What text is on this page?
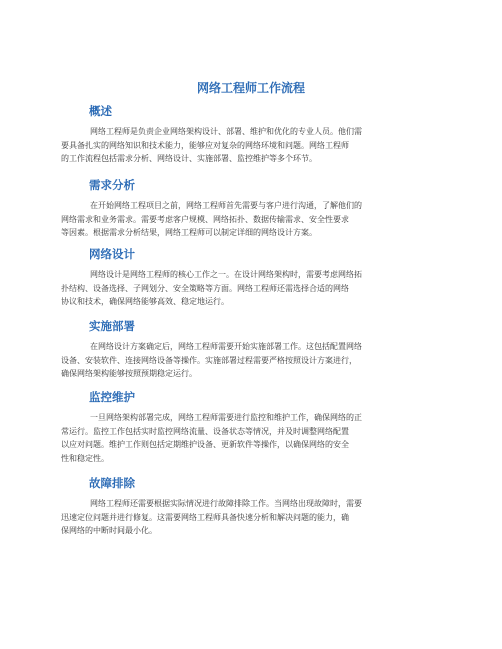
网络工程师工作流程
概述
网络工程师是负责企业网络架构设计、部署、维护和优化的专业人员。他们需
要具备扎实的网络知识和技术能力，能够应对复杂的网络环境和问题。网络工程师
的工作流程包括需求分析、网络设计、实施部署、监控维护等多个环节。
需求分析
在开始网络工程项目之前，网络工程师首先需要与客户进行沟通，了解他们的
网络需求和业务需求。需要考虑客户规模、网络拓扑、数据传输需求、安全性要求
等因素。根据需求分析结果，网络工程师可以制定详细的网络设计方案。
网络设计
网络设计是网络工程师的核心工作之一。在设计网络架构时，需要考虑网络拓
扑结构、设备选择、子网划分、安全策略等方面。网络工程师还需选择合适的网络
协议和技术，确保网络能够高效、稳定地运行。
实施部署
在网络设计方案确定后，网络工程师需要开始实施部署工作。这包括配置网络
设备、安装软件、连接网络设备等操作。实施部署过程需要严格按照设计方案进行，
确保网络架构能够按照预期稳定运行。
监控维护
一旦网络架构部署完成，网络工程师需要进行监控和维护工作，确保网络的正
常运行。监控工作包括实时监控网络流量、设备状态等情况，并及时调整网络配置
以应对问题。维护工作则包括定期维护设备、更新软件等操作，以确保网络的安全
性和稳定性。
故障排除
网络工程师还需要根据实际情况进行故障排除工作。当网络出现故障时，需要
迅速定位问题并进行修复。这需要网络工程师具备快速分析和解决问题的能力，确
保网络的中断时间最小化。
